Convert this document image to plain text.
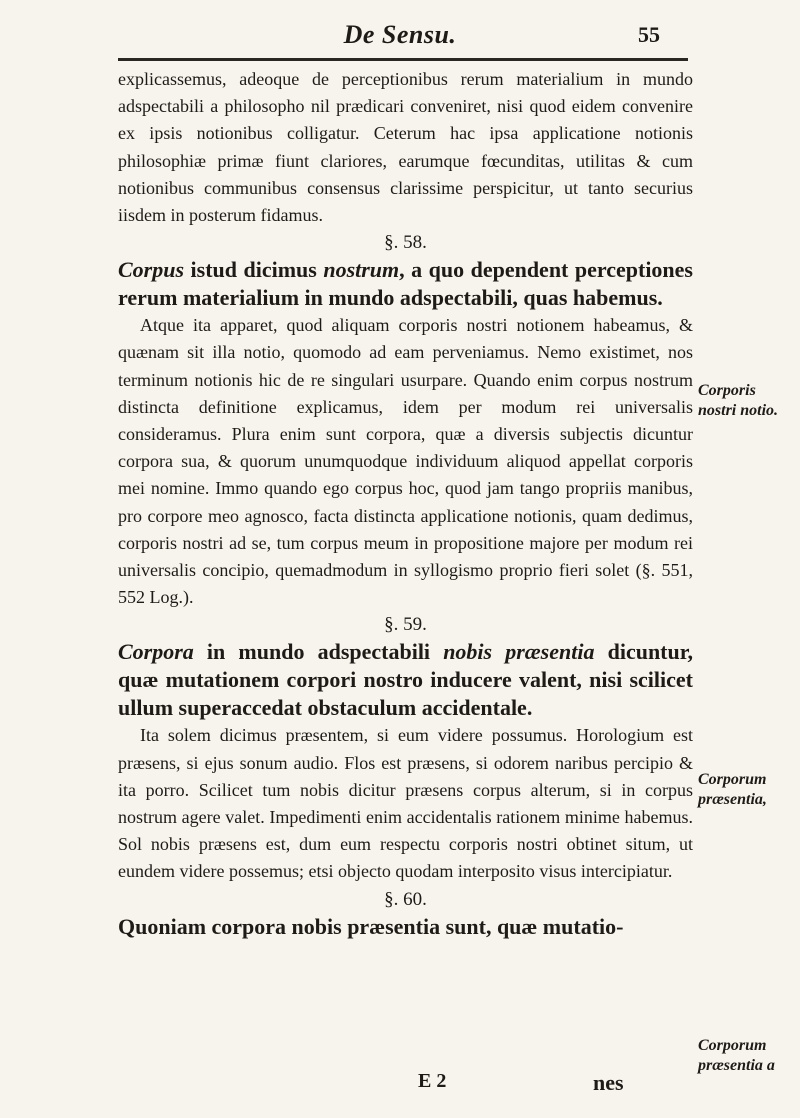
De Sensu.	55

explicassemus, adeoque de perceptionibus rerum materialium in mundo adspectabili a philosopho nil prædicari conveniret, nisi quod eidem convenire ex ipsis notionibus colligatur. Ceterum hac ipsa applicatione notionis philosophiæ primæ fiunt clariores, earumque fœcunditas, utilitas & cum notionibus communibus consensus clarissime perspicitur, ut tanto securius iisdem in posterum fidamus.

§. 58.

Corpus istud dicimus nostrum, a quo dependent perceptiones rerum materialium in mundo adspectabili, quas habemus.

Atque ita apparet, quod aliquam corporis nostri notionem habeamus, & quænam sit illa notio, quomodo ad eam perveniamus. Nemo existimet, nos terminum notionis hic de re singulari usurpare. Quando enim corpus nostrum distincta definitione explicamus, idem per modum rei universalis consideramus. Plura enim sunt corpora, quæ a diversis subjectis dicuntur corpora sua, & quorum unumquodque individuum aliquod appellat corporis mei nomine. Immo quando ego corpus hoc, quod jam tango propriis manibus, pro corpore meo agnosco, facta distincta applicatione notionis, quam dedimus, corporis nostri ad se, tum corpus meum in propositione majore per modum rei universalis concipio, quemadmodum in syllogismo proprio fieri solet (§. 551, 552 Log.).

§. 59.

Corpora in mundo adspectabili nobis præsentia dicuntur, quæ mutationem corpori nostro inducere valent, nisi scilicet ullum superaccedat obstaculum accidentale.

Ita solem dicimus præsentem, si eum videre possumus. Horologium est præsens, si ejus sonum audio. Flos est præsens, si odorem naribus percipio & ita porro. Scilicet tum nobis dicitur præsens corpus alterum, si in corpus nostrum agere valet. Impedimenti enim accidentalis rationem minime habemus. Sol nobis præsens est, dum eum respectu corporis nostri obtinet situm, ut eundem videre possemus; etsi objecto quodam interposito visus intercipiatur.

§. 60.

Quoniam corpora nobis præsentia sunt, quæ mutatio-

Corporis nostri notio.
Corporum præsentia,
Corporum præsentia a
E 2	nes
